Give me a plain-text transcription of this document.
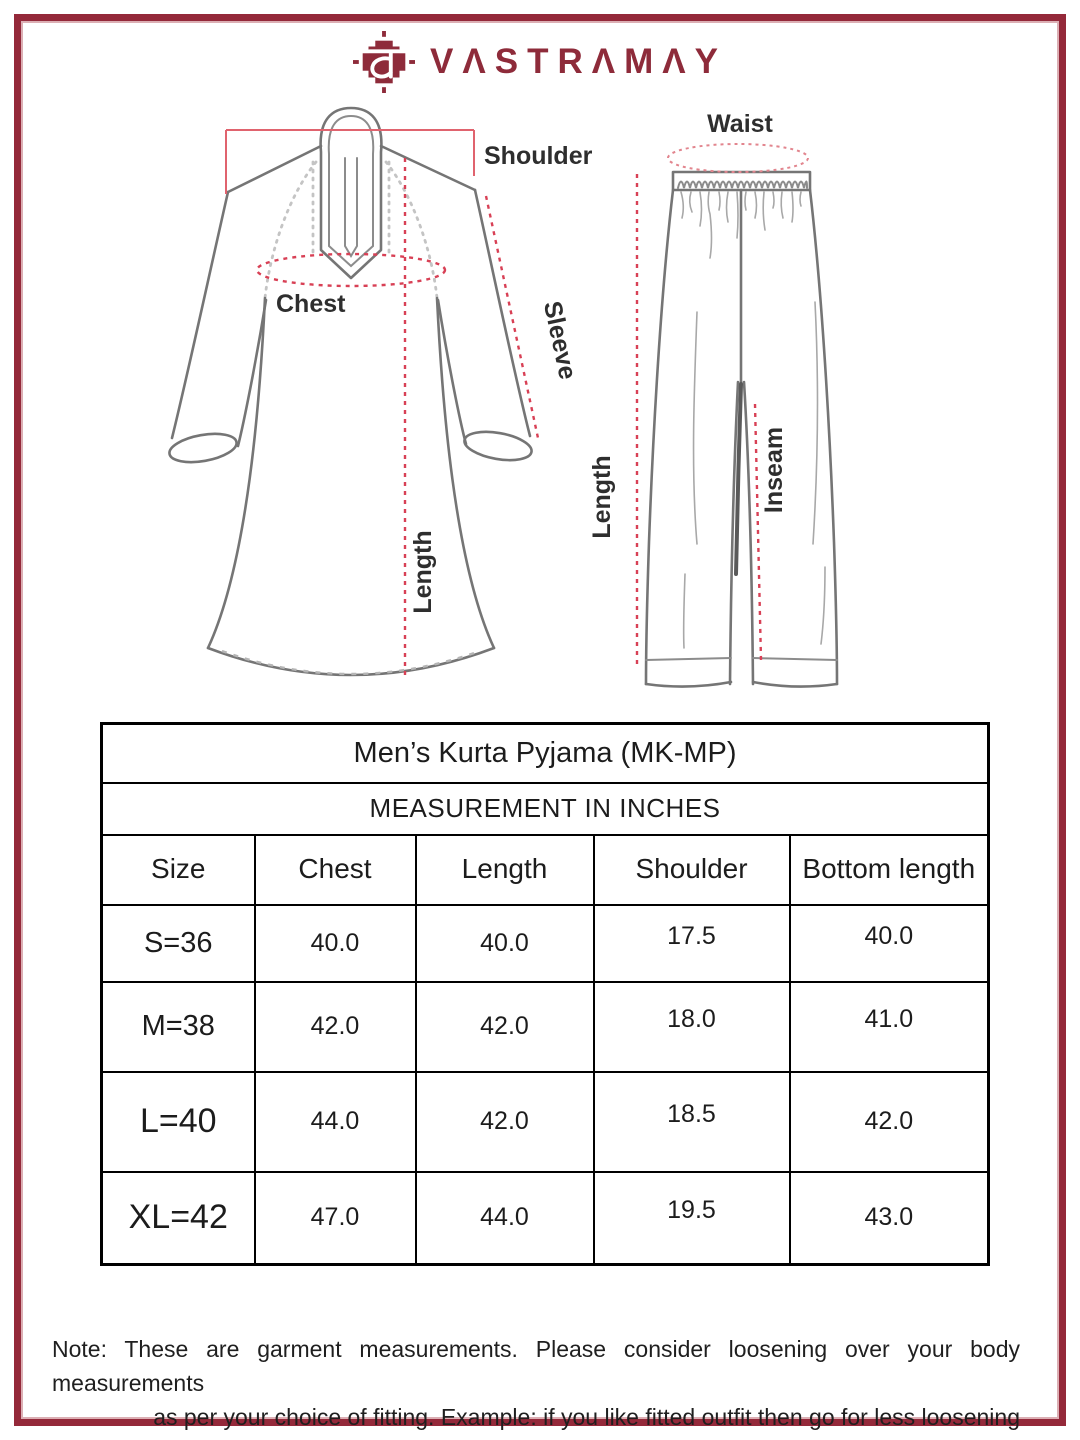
VΛSTRΛMΛY
Shoulder
Chest	Sleeve
Length
Waist
Length	Inseam
Men’s Kurta Pyjama (MK-MP)				
MEASUREMENT IN INCHES				
Size	Chest	Length	Shoulder	Bottom length
S=36	40.0	40.0	17.5	40.0
M=38	42.0	42.0	18.0	41.0
L=40	44.0	42.0	18.5	42.0
XL=42	47.0	44.0	19.5	43.0
Note: These are garment measurements. Please consider loosening over your body measurements
as per your choice of fitting. Example: if you like fitted outfit then go for less loosening
